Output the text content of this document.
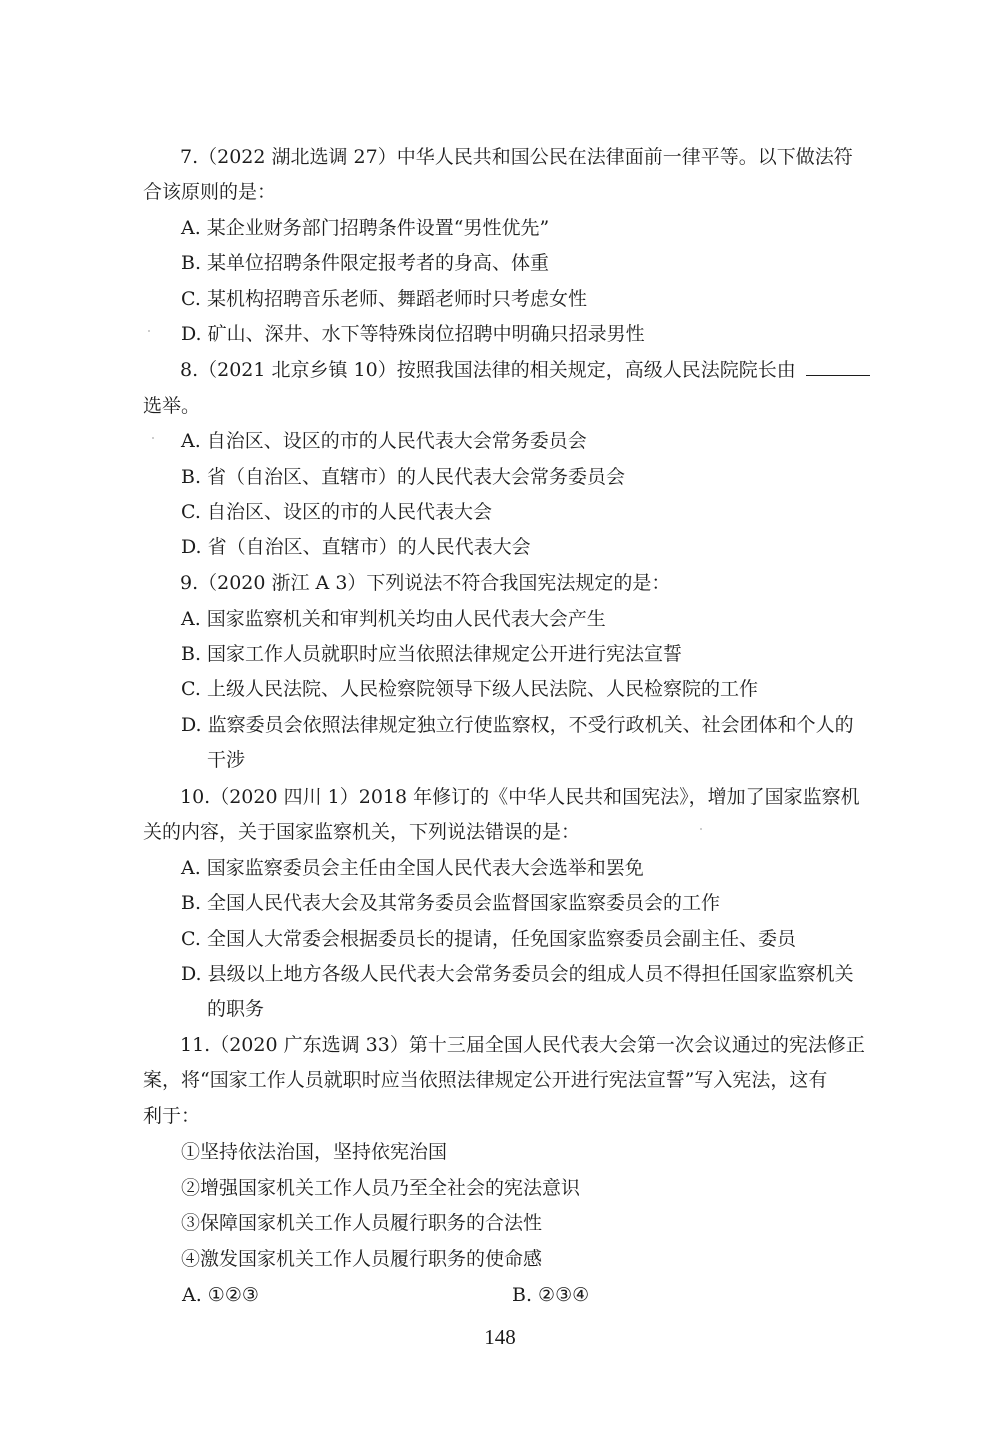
7.（2022 湖北选调 27）中华人民共和国公民在法律面前一律平等。以下做法符

合该原则的是：

A. 某企业财务部门招聘条件设置“男性优先”

B. 某单位招聘条件限定报考者的身高、体重

C. 某机构招聘音乐老师、舞蹈老师时只考虑女性

D. 矿山、深井、水下等特殊岗位招聘中明确只招录男性

8.（2021 北京乡镇 10）按照我国法律的相关规定，高级人民法院院长由

选举。

A. 自治区、设区的市的人民代表大会常务委员会

B. 省（自治区、直辖市）的人民代表大会常务委员会

C. 自治区、设区的市的人民代表大会

D. 省（自治区、直辖市）的人民代表大会

9.（2020 浙江 A 3）下列说法不符合我国宪法规定的是：

A. 国家监察机关和审判机关均由人民代表大会产生

B. 国家工作人员就职时应当依照法律规定公开进行宪法宣誓

C. 上级人民法院、人民检察院领导下级人民法院、人民检察院的工作

D. 监察委员会依照法律规定独立行使监察权，不受行政机关、社会团体和个人的

干涉

10.（2020 四川 1）2018 年修订的《中华人民共和国宪法》，增加了国家监察机

关的内容，关于国家监察机关，下列说法错误的是：

A. 国家监察委员会主任由全国人民代表大会选举和罢免

B. 全国人民代表大会及其常务委员会监督国家监察委员会的工作

C. 全国人大常委会根据委员长的提请，任免国家监察委员会副主任、委员

D. 县级以上地方各级人民代表大会常务委员会的组成人员不得担任国家监察机关

的职务

11.（2020 广东选调 33）第十三届全国人民代表大会第一次会议通过的宪法修正

案，将“国家工作人员就职时应当依照法律规定公开进行宪法宣誓”写入宪法，这有

利于：

①坚持依法治国，坚持依宪治国

②增强国家机关工作人员乃至全社会的宪法意识

③保障国家机关工作人员履行职务的合法性

④激发国家机关工作人员履行职务的使命感

A. ①②③	B. ②③④
148
